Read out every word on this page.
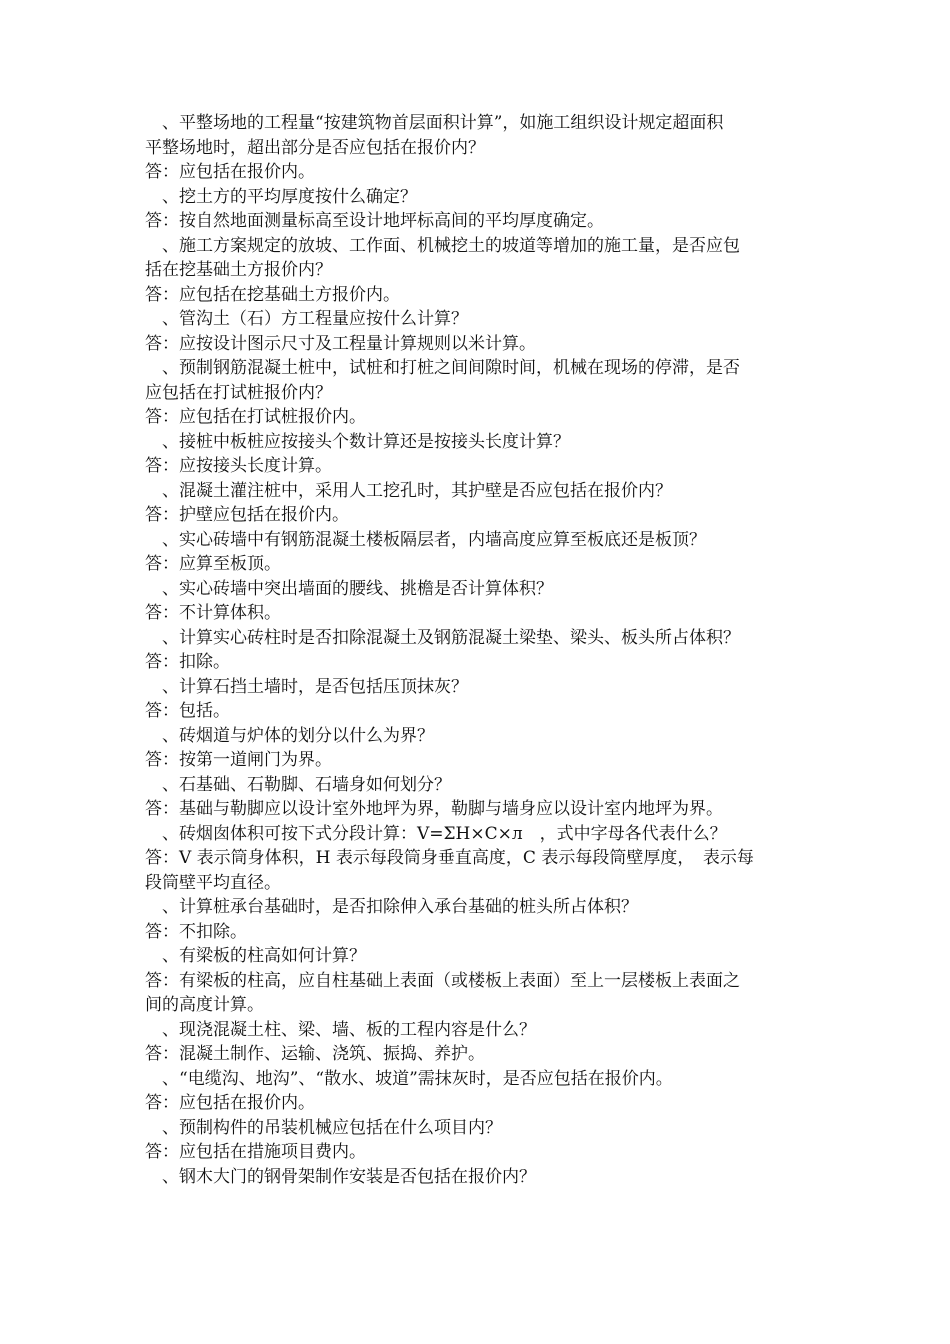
、平整场地的工程量“按建筑物首层面积计算”，如施工组织设计规定超面积

平整场地时，超出部分是否应包括在报价内？

答：应包括在报价内。

、挖土方的平均厚度按什么确定？

答：按自然地面测量标高至设计地坪标高间的平均厚度确定。

、施工方案规定的放坡、工作面、机械挖土的坡道等增加的施工量，是否应包

括在挖基础土方报价内？

答：应包括在挖基础土方报价内。

、管沟土（石）方工程量应按什么计算？

答：应按设计图示尺寸及工程量计算规则以米计算。

、预制钢筋混凝土桩中，试桩和打桩之间间隙时间，机械在现场的停滞，是否

应包括在打试桩报价内？

答：应包括在打试桩报价内。

、接桩中板桩应按接头个数计算还是按接头长度计算？

答：应按接头长度计算。

、混凝土灌注桩中，采用人工挖孔时，其护壁是否应包括在报价内？

答：护壁应包括在报价内。

、实心砖墙中有钢筋混凝土楼板隔层者，内墙高度应算至板底还是板顶？

答：应算至板顶。

、实心砖墙中突出墙面的腰线、挑檐是否计算体积？

答：不计算体积。

、计算实心砖柱时是否扣除混凝土及钢筋混凝土梁垫、梁头、板头所占体积？

答：扣除。

、计算石挡土墙时，是否包括压顶抹灰？

答：包括。

、砖烟道与炉体的划分以什么为界？

答：按第一道闸门为界。

、石基础、石勒脚、石墙身如何划分？

答：基础与勒脚应以设计室外地坪为界，勒脚与墙身应以设计室内地坪为界。

、砖烟囱体积可按下式分段计算：V=ΣH×C×л　，式中字母各代表什么？

答：V 表示筒身体积，H 表示每段筒身垂直高度，C 表示每段筒壁厚度，　表示每

段筒壁平均直径。

、计算桩承台基础时，是否扣除伸入承台基础的桩头所占体积？

答：不扣除。

、有梁板的柱高如何计算？

答：有梁板的柱高，应自柱基础上表面（或楼板上表面）至上一层楼板上表面之

间的高度计算。

、现浇混凝土柱、梁、墙、板的工程内容是什么？

答：混凝土制作、运输、浇筑、振捣、养护。

、“电缆沟、地沟”、“散水、坡道”需抹灰时，是否应包括在报价内。

答：应包括在报价内。

、预制构件的吊装机械应包括在什么项目内？

答：应包括在措施项目费内。

、钢木大门的钢骨架制作安装是否包括在报价内？
